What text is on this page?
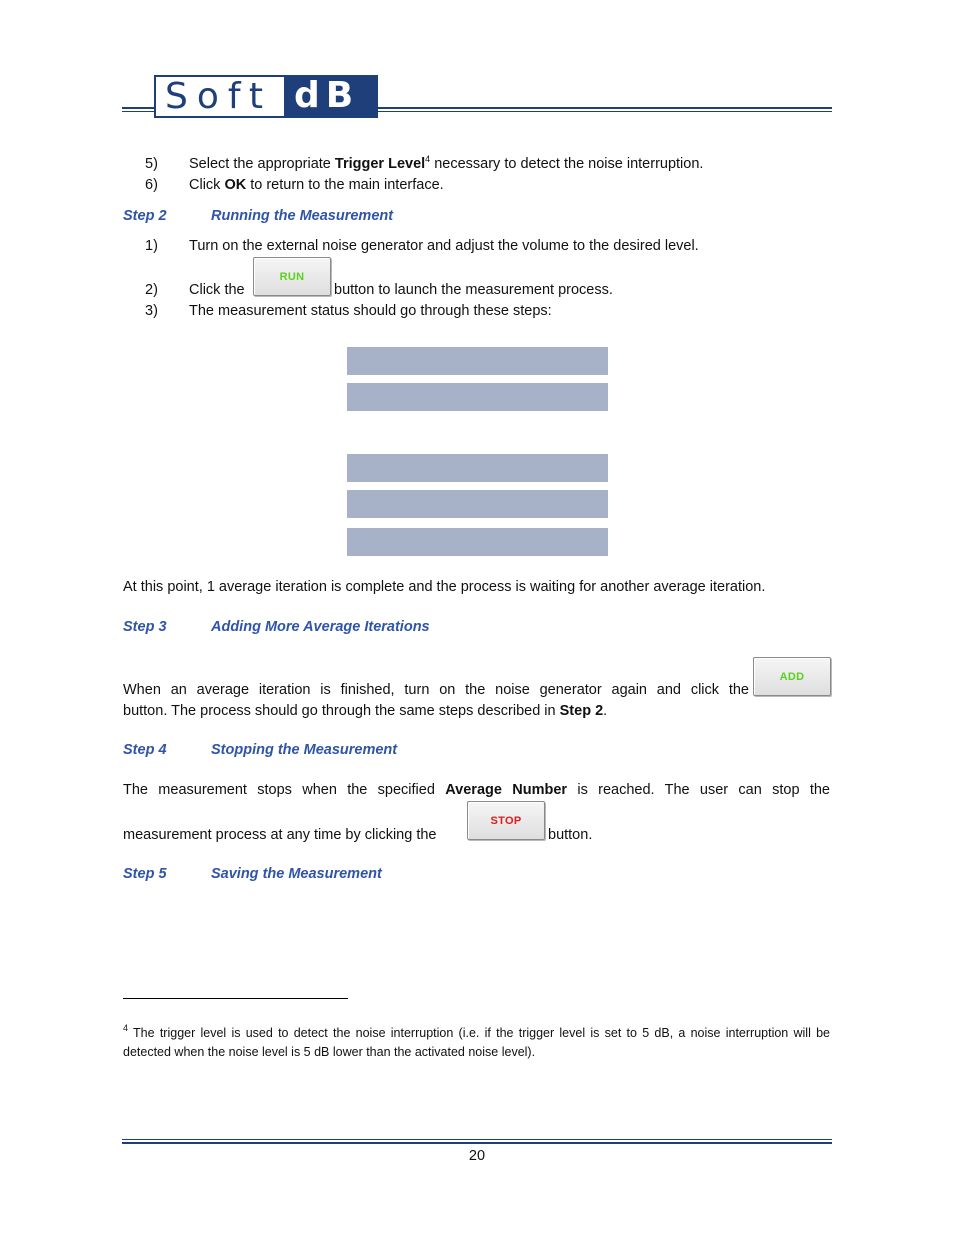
Soft dB
5) Select the appropriate Trigger Level$^4$ necessary to detect the noise interruption.
6) Click OK to return to the main interface.
Step 2	Running the Measurement
1) Turn on the external noise generator and adjust the volume to the desired level.
2) Click the
RUN
button to launch the measurement process.
3) The measurement status should go through these steps:

At this point, 1 average iteration is complete and the process is waiting for another average iteration.

Step 3	Adding More Average Iterations
When an average iteration is finished, turn on the noise generator again and click the
ADD
button. The process should go through the same steps described in Step 2.
Step 4	Stopping the Measurement
The measurement stops when the specified Average Number is reached. The user can stop the
measurement process at any time by clicking the
STOP
button.
Step 5	Saving the Measurement
$^4$ The trigger level is used to detect the noise interruption (i.e. if the trigger level is set to 5 dB, a noise interruption will be detected when the noise level is 5 dB lower than the activated noise level).
20
